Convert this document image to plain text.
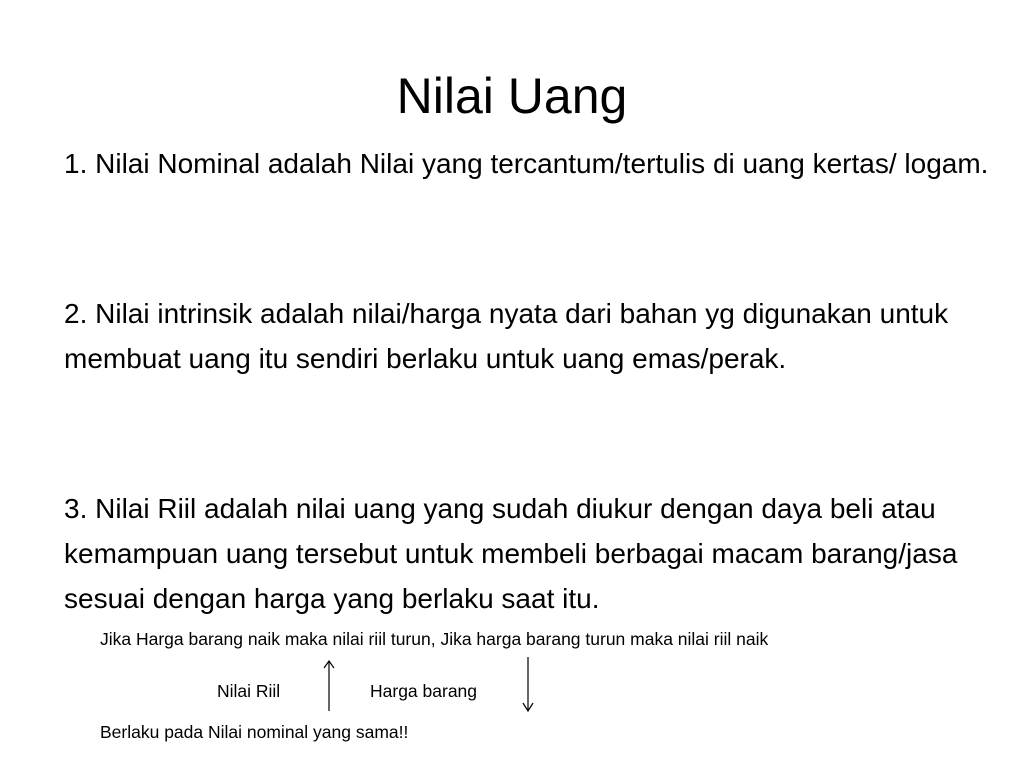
Nilai Uang

1. Nilai Nominal adalah Nilai yang tercantum/tertulis di uang kertas/ logam.

2. Nilai intrinsik adalah nilai/harga nyata dari bahan yg digunakan untuk membuat uang itu sendiri berlaku untuk uang emas/perak.

3. Nilai Riil adalah nilai uang yang sudah diukur dengan daya beli atau kemampuan uang tersebut untuk membeli berbagai macam barang/jasa sesuai dengan harga yang berlaku saat itu.

Jika Harga barang naik maka nilai riil turun, Jika harga barang turun maka nilai riil naik
Nilai Riil	Harga barang
Berlaku pada Nilai nominal yang sama!!
